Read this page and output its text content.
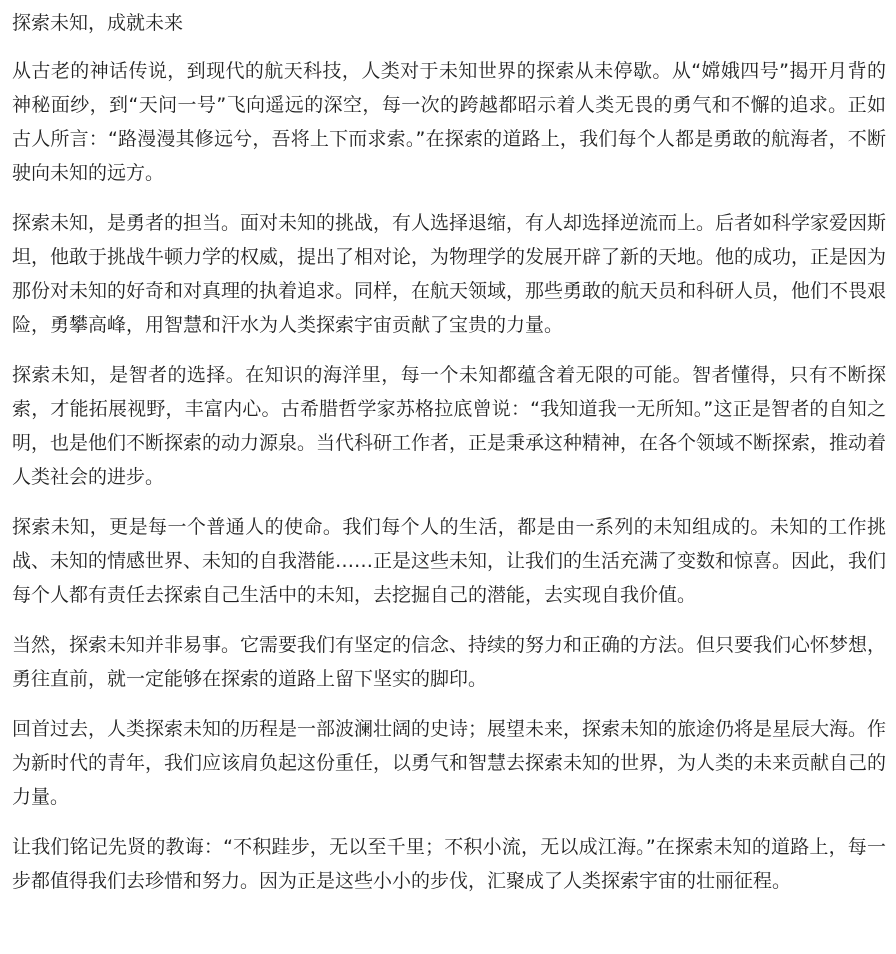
探索未知，成就未来

从古老的神话传说，到现代的航天科技，人类对于未知世界的探索从未停歇。从“嫦娥四号”揭开月背的神秘面纱，到“天问一号”飞向遥远的深空，每一次的跨越都昭示着人类无畏的勇气和不懈的追求。正如古人所言：“路漫漫其修远兮，吾将上下而求索。”在探索的道路上，我们每个人都是勇敢的航海者，不断驶向未知的远方。

探索未知，是勇者的担当。面对未知的挑战，有人选择退缩，有人却选择逆流而上。后者如科学家爱因斯坦，他敢于挑战牛顿力学的权威，提出了相对论，为物理学的发展开辟了新的天地。他的成功，正是因为那份对未知的好奇和对真理的执着追求。同样，在航天领域，那些勇敢的航天员和科研人员，他们不畏艰险，勇攀高峰，用智慧和汗水为人类探索宇宙贡献了宝贵的力量。

探索未知，是智者的选择。在知识的海洋里，每一个未知都蕴含着无限的可能。智者懂得，只有不断探索，才能拓展视野，丰富内心。古希腊哲学家苏格拉底曾说：“我知道我一无所知。”这正是智者的自知之明，也是他们不断探索的动力源泉。当代科研工作者，正是秉承这种精神，在各个领域不断探索，推动着人类社会的进步。

探索未知，更是每一个普通人的使命。我们每个人的生活，都是由一系列的未知组成的。未知的工作挑战、未知的情感世界、未知的自我潜能……正是这些未知，让我们的生活充满了变数和惊喜。因此，我们每个人都有责任去探索自己生活中的未知，去挖掘自己的潜能，去实现自我价值。

当然，探索未知并非易事。它需要我们有坚定的信念、持续的努力和正确的方法。但只要我们心怀梦想，勇往直前，就一定能够在探索的道路上留下坚实的脚印。

回首过去，人类探索未知的历程是一部波澜壮阔的史诗；展望未来，探索未知的旅途仍将是星辰大海。作为新时代的青年，我们应该肩负起这份重任，以勇气和智慧去探索未知的世界，为人类的未来贡献自己的力量。

让我们铭记先贤的教诲：“不积跬步，无以至千里；不积小流，无以成江海。”在探索未知的道路上，每一步都值得我们去珍惜和努力。因为正是这些小小的步伐，汇聚成了人类探索宇宙的壮丽征程。
